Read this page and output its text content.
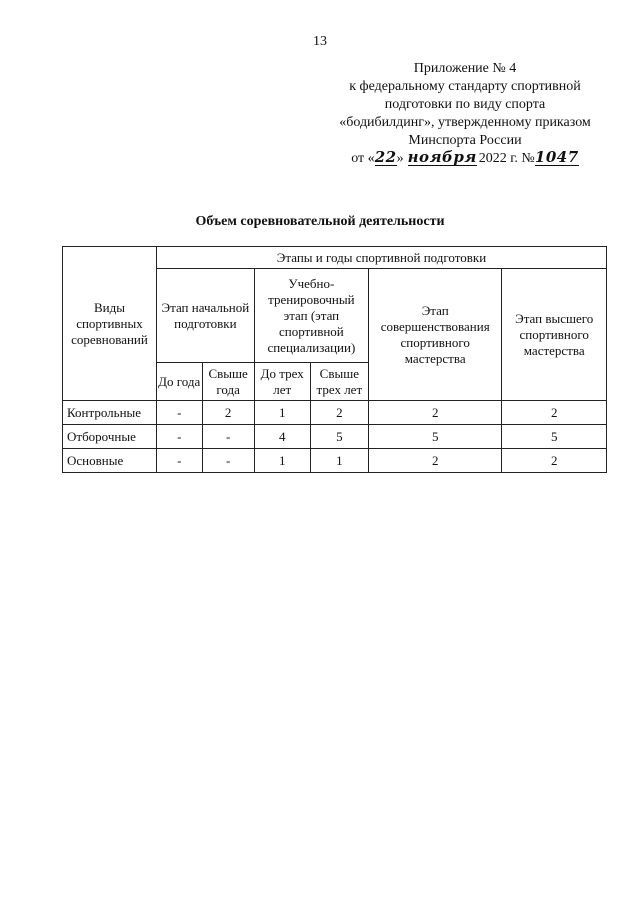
13
Приложение № 4
к федеральному стандарту спортивной
подготовки по виду спорта
«бодибилдинг», утвержденному приказом
Минспорта России
от «22» ноября 2022 г. №1047
Объем соревновательной деятельности
Виды спортивных соревнований	Этапы и годы спортивной подготовки					
	Этап начальной подготовки		Учебно-тренировочный этап (этап спортивной специализации)		Этап совершенствования спортивного мастерства	Этап высшего спортивного мастерства
	До года	Свыше года	До трех лет	Свыше трех лет		
Контрольные	-	2	1	2	2	2
Отборочные	-	-	4	5	5	5
Основные	-	-	1	1	2	2
